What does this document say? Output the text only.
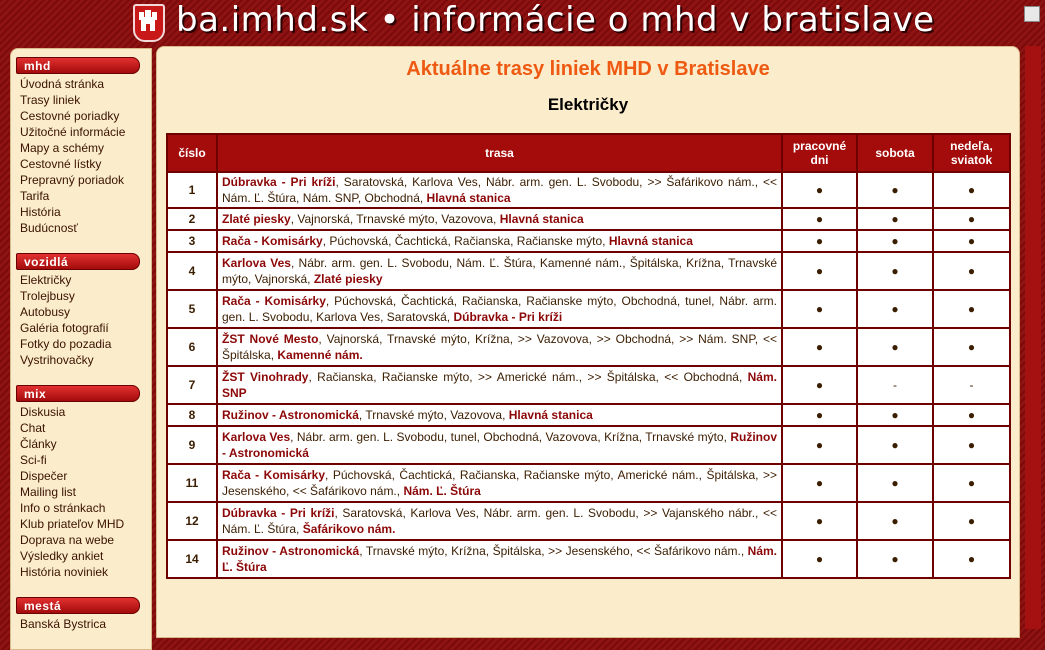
ba.imhd.sk • informácie o mhd v bratislave
mhd
Úvodná stránka
Trasy liniek
Cestovné poriadky
Užitočné informácie
Mapy a schémy
Cestovné lístky
Prepravný poriadok
Tarifa
História
Budúcnosť
vozidlá
Električky
Trolejbusy
Autobusy
Galéria fotografií
Fotky do pozadia
Vystrihovačky
mix
Diskusia
Chat
Články
Sci-fi
Dispečer
Mailing list
Info o stránkach
Klub priateľov MHD
Doprava na webe
Výsledky ankiet
História noviniek
mestá
Banská Bystrica
Aktuálne trasy liniek MHD v Bratislave
Električky
číslo	trasa	pracovné dni	sobota	nedeľa, sviatok
1	Dúbravka - Pri kríži, Saratovská, Karlova Ves, Nábr. arm. gen. L. Svobodu, >> Šafárikovo nám., << Nám. Ľ. Štúra, Nám. SNP, Obchodná, Hlavná stanica	●	●	●
2	Zlaté piesky, Vajnorská, Trnavské mýto, Vazovova, Hlavná stanica	●	●	●
3	Rača - Komisárky, Púchovská, Čachtická, Račianska, Račianske mýto, Hlavná stanica	●	●	●
4	Karlova Ves, Nábr. arm. gen. L. Svobodu, Nám. Ľ. Štúra, Kamenné nám., Špitálska, Krížna, Trnavské mýto, Vajnorská, Zlaté piesky	●	●	●
5	Rača - Komisárky, Púchovská, Čachtická, Račianska, Račianske mýto, Obchodná, tunel, Nábr. arm. gen. L. Svobodu, Karlova Ves, Saratovská, Dúbravka - Pri kríži	●	●	●
6	ŽST Nové Mesto, Vajnorská, Trnavské mýto, Krížna, >> Vazovova, >> Obchodná, >> Nám. SNP, << Špitálska, Kamenné nám.	●	●	●
7	ŽST Vinohrady, Račianska, Račianske mýto, >> Americké nám., >> Špitálska, << Obchodná, Nám. SNP	●	-	-
8	Ružinov - Astronomická, Trnavské mýto, Vazovova, Hlavná stanica	●	●	●
9	Karlova Ves, Nábr. arm. gen. L. Svobodu, tunel, Obchodná, Vazovova, Krížna, Trnavské mýto, Ružinov - Astronomická	●	●	●
11	Rača - Komisárky, Púchovská, Čachtická, Račianska, Račianske mýto, Americké nám., Špitálska, >> Jesenského, << Šafárikovo nám., Nám. Ľ. Štúra	●	●	●
12	Dúbravka - Pri kríži, Saratovská, Karlova Ves, Nábr. arm. gen. L. Svobodu, >> Vajanského nábr., << Nám. Ľ. Štúra, Šafárikovo nám.	●	●	●
14	Ružinov - Astronomická, Trnavské mýto, Krížna, Špitálska, >> Jesenského, << Šafárikovo nám., Nám. Ľ. Štúra	●	●	●
